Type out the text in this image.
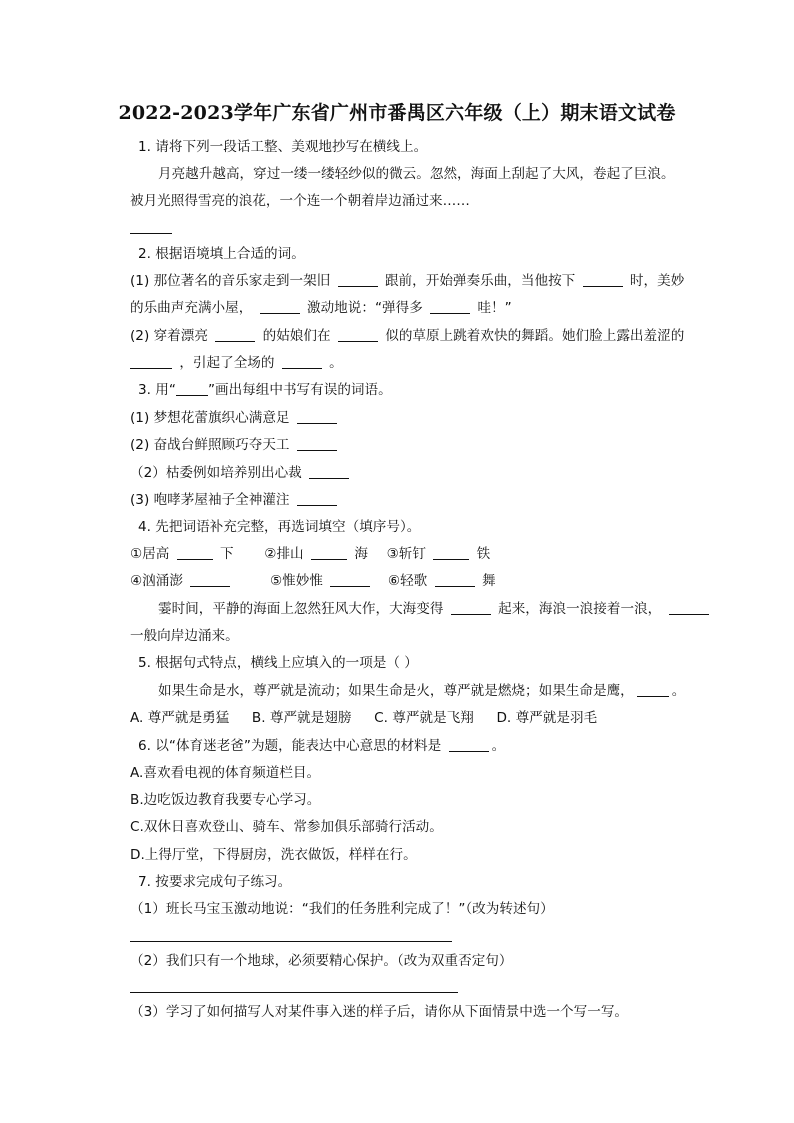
2022-2023学年广东省广州市番禺区六年级（上）期末语文试卷
1. 请将下列一段话工整、美观地抄写在横线上。
月亮越升越高，穿过一缕一缕轻纱似的微云。忽然，海面上刮起了大风，卷起了巨浪。
被月光照得雪亮的浪花，一个连一个朝着岸边涌过来……
2. 根据语境填上合适的词。
(1) 那位著名的音乐家走到一架旧	跟前，开始弹奏乐曲，当他按下	时，美妙
的乐曲声充满小屋，	激动地说：“弹得多	哇！”
(2) 穿着漂亮	的姑娘们在	似的草原上跳着欢快的舞蹈。她们脸上露出羞涩的
，引起了全场的	。
3. 用“ ”画出每组中书写有误的词语。
(1) 梦想花蕾旗织心满意足
(2) 奋战台鲜照顾巧夺天工
（2）枯委例如培养别出心裁
(3) 咆哮茅屋袖子全神灌注
4. 先把词语补充完整，再选词填空（填序号）。
①居高	下 ②排山	海 ③斩钉	铁
④汹涌澎	⑤惟妙惟	⑥轻歌	舞
霎时间，平静的海面上忽然狂风大作，大海变得	起来，海浪一浪接着一浪，
一般向岸边涌来。
5. 根据句式特点，横线上应填入的一项是（ ）
如果生命是水，尊严就是流动；如果生命是火，尊严就是燃烧；如果生命是鹰，	。
A. 尊严就是勇猛 B. 尊严就是翅膀 C. 尊严就是飞翔 D. 尊严就是羽毛
6. 以“体育迷老爸”为题，能表达中心意思的材料是	。
A.喜欢看电视的体育频道栏目。
B.边吃饭边教育我要专心学习。
C.双休日喜欢登山、骑车、常参加俱乐部骑行活动。
D.上得厅堂，下得厨房，洗衣做饭，样样在行。
7. 按要求完成句子练习。
（1）班长马宝玉激动地说：“我们的任务胜利完成了！”（改为转述句）
（2）我们只有一个地球，必须要精心保护。（改为双重否定句）
（3）学习了如何描写人对某件事入迷的样子后，请你从下面情景中选一个写一写。
